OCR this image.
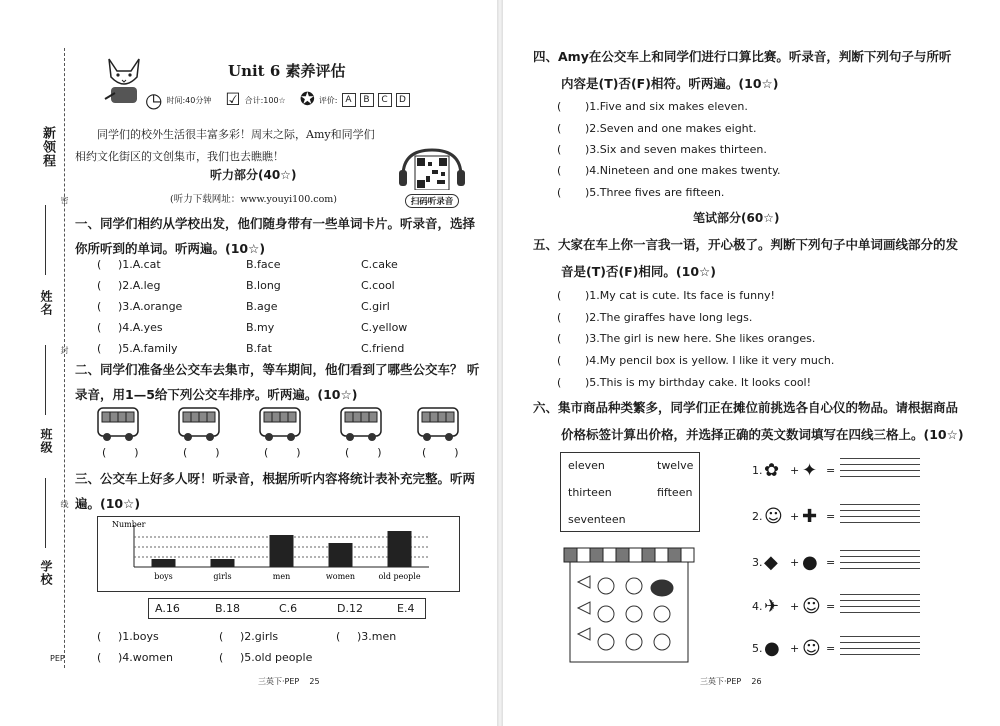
密
封
线
新领程
姓名
班级
学校
Unit 6 素养评估
◷ 时间:40分钟 ☑ 合计:100☆ ✪ 评价: A	B	C	D
同学们的校外生活很丰富多彩！周末之际，Amy和同学们相约文化街区的文创集市，我们也去瞧瞧！
扫码听录音
听力部分(40☆)
(听力下载网址：www.youyi100.com)
一、同学们相约从学校出发，他们随身带有一些单词卡片。听录音，选择你所听到的单词。听两遍。(10☆)
( )1.A.cat	B.face	C.cake
( )2.A.leg	B.long	C.cool
( )3.A.orange	B.age	C.girl
( )4.A.yes	B.my	C.yellow
( )5.A.family	B.fat	C.friend
二、同学们准备坐公交车去集市，等车期间，他们看到了哪些公交车？ 听录音，用1—5给下列公交车排序。听两遍。(10☆)
(        )	(        )	(        )	(        )	(        )
三、公交车上好多人呀！听录音，根据所听内容将统计表补充完整。听两遍。(10☆)
Number
boys	girls	men	women	old people
A.16	B.18	C.6	D.12	E.4
( )1.boys	( )2.girls	( )3.men
( )4.women	( )5.old people
PEP
三英下·PEP    25
四、Amy在公交车上和同学们进行口算比赛。听录音，判断下列句子与所听
内容是(T)否(F)相符。听两遍。(10☆)
( )1.Five and six makes eleven.
( )2.Seven and one makes eight.
( )3.Six and seven makes thirteen.
( )4.Nineteen and one makes twenty.
( )5.Three fives are fifteen.
笔试部分(60☆)
五、大家在车上你一言我一语，开心极了。判断下列句子中单词画线部分的发
音是(T)否(F)相同。(10☆)
( )1.My cat is cute. Its face is funny!
( )2.The giraffes have long legs.
( )3.The girl is new here. She likes oranges.
( )4.My pencil box is yellow. I like it very much.
( )5.This is my birthday cake. It looks cool!
六、集市商品种类繁多，同学们正在摊位前挑选各自心仪的物品。请根据商品
价格标签计算出价格，并选择正确的英文数词填写在四线三格上。(10☆)
eleven	twelve
thirteen	fifteen
seventeen
1. ✿ + ✦ =
2. ☺ + ✚ =
3. ◆ + ● =
4. ✈ + ☺ =
5. ● + ☺ =
三英下·PEP    26
